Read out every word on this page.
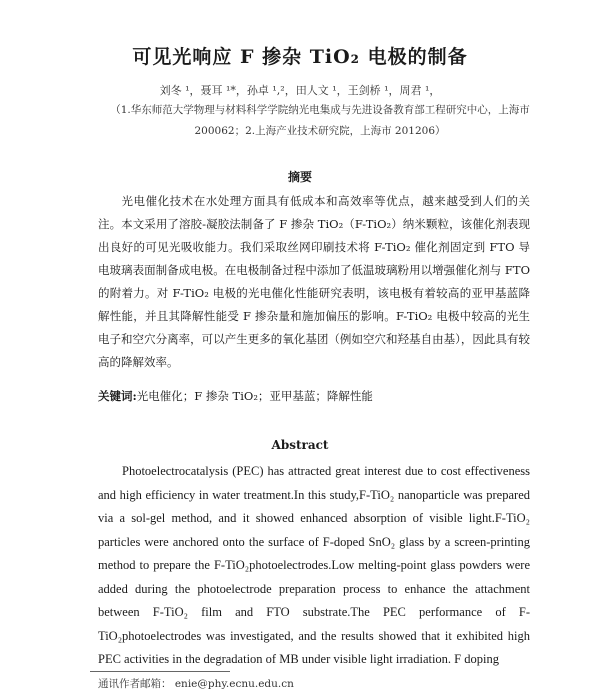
可见光响应 F 掺杂 TiO₂ 电极的制备
刘冬 ¹，聂耳 ¹*，孙卓 ¹,²，田人文 ¹，王剑桥 ¹，周君 ¹，
（1.华东师范大学物理与材料科学学院纳光电集成与先进设备教育部工程研究中心，上海市
200062；2.上海产业技术研究院，上海市 201206）
摘要
光电催化技术在水处理方面具有低成本和高效率等优点，越来越受到人们的关注。本文采用了溶胶-凝胶法制备了 F 掺杂 TiO₂（F-TiO₂）纳米颗粒，该催化剂表现出良好的可见光吸收能力。我们采取丝网印刷技术将 F-TiO₂ 催化剂固定到 FTO 导电玻璃表面制备成电极。在电极制备过程中添加了低温玻璃粉用以增强催化剂与 FTO 的附着力。对 F-TiO₂ 电极的光电催化性能研究表明，该电极有着较高的亚甲基蓝降解性能，并且其降解性能受 F 掺杂量和施加偏压的影响。F-TiO₂ 电极中较高的光生电子和空穴分离率，可以产生更多的氧化基团（例如空穴和羟基自由基），因此具有较高的降解效率。
关键词:光电催化；F 掺杂 TiO₂；亚甲基蓝；降解性能
Abstract
Photoelectrocatalysis (PEC) has attracted great interest due to cost effectiveness and high efficiency in water treatment.In this study,F-TiO₂ nanoparticle was prepared via a sol-gel method, and it showed enhanced absorption of visible light.F-TiO₂ particles were anchored onto the surface of F-doped SnO₂ glass by a screen-printing method to prepare the F-TiO₂photoelectrodes.Low melting-point glass powders were added during the photoelectrode preparation process to enhance the attachment between F-TiO₂ film and FTO substrate.The PEC performance of F-TiO₂photoelectrodes was investigated, and the results showed that it exhibited high PEC activities in the degradation of MB under visible light irradiation. F doping
通讯作者邮箱： enie@phy.ecnu.edu.cn
